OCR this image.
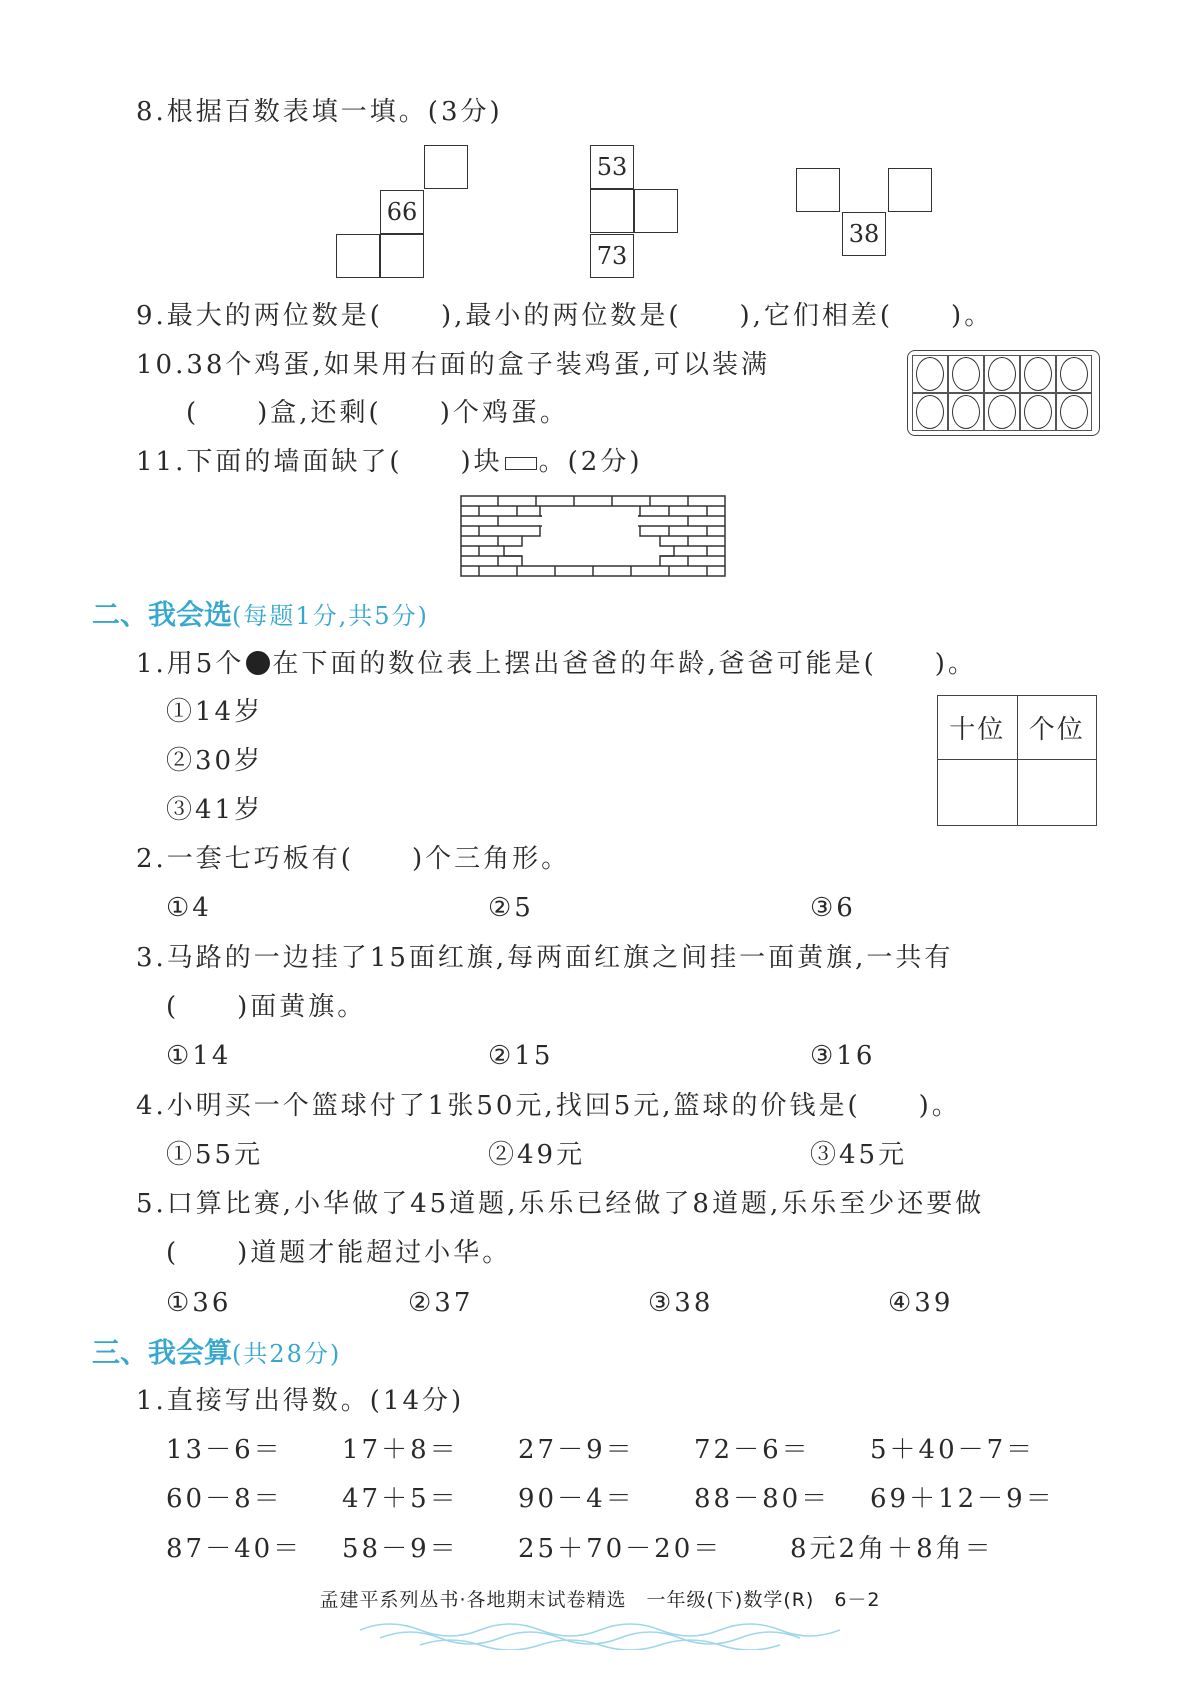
8.根据百数表填一填。(3分)
66
53
73
38
9.最大的两位数是(　　),最小的两位数是(　　),它们相差(　　)。
10.38个鸡蛋,如果用右面的盒子装鸡蛋,可以装满
(　　)盒,还剩(　　)个鸡蛋。
11.下面的墙面缺了(　　)块 。(2分)
二、我会选(每题1分,共5分)
1.用5个 在下面的数位表上摆出爸爸的年龄,爸爸可能是(　　)。
①14岁
②30岁
③41岁
十位	个位

2.一套七巧板有(　　)个三角形。
①4	②5	③6
3.马路的一边挂了15面红旗,每两面红旗之间挂一面黄旗,一共有
(　　)面黄旗。
①14	②15	③16
4.小明买一个篮球付了1张50元,找回5元,篮球的价钱是(　　)。
①55元	②49元	③45元
5.口算比赛,小华做了45道题,乐乐已经做了8道题,乐乐至少还要做
(　　)道题才能超过小华。
①36	②37	③38	④39
三、我会算(共28分)
1.直接写出得数。(14分)
13－6＝ 17＋8＝ 27－9＝ 72－6＝ 5＋40－7＝
60－8＝ 47＋5＝ 90－4＝ 88－80＝ 69＋12－9＝
87－40＝ 58－9＝ 25＋70－20＝	8元2角＋8角＝
孟建平系列丛书·各地期末试卷精选　一年级(下)数学(R)　6－2
